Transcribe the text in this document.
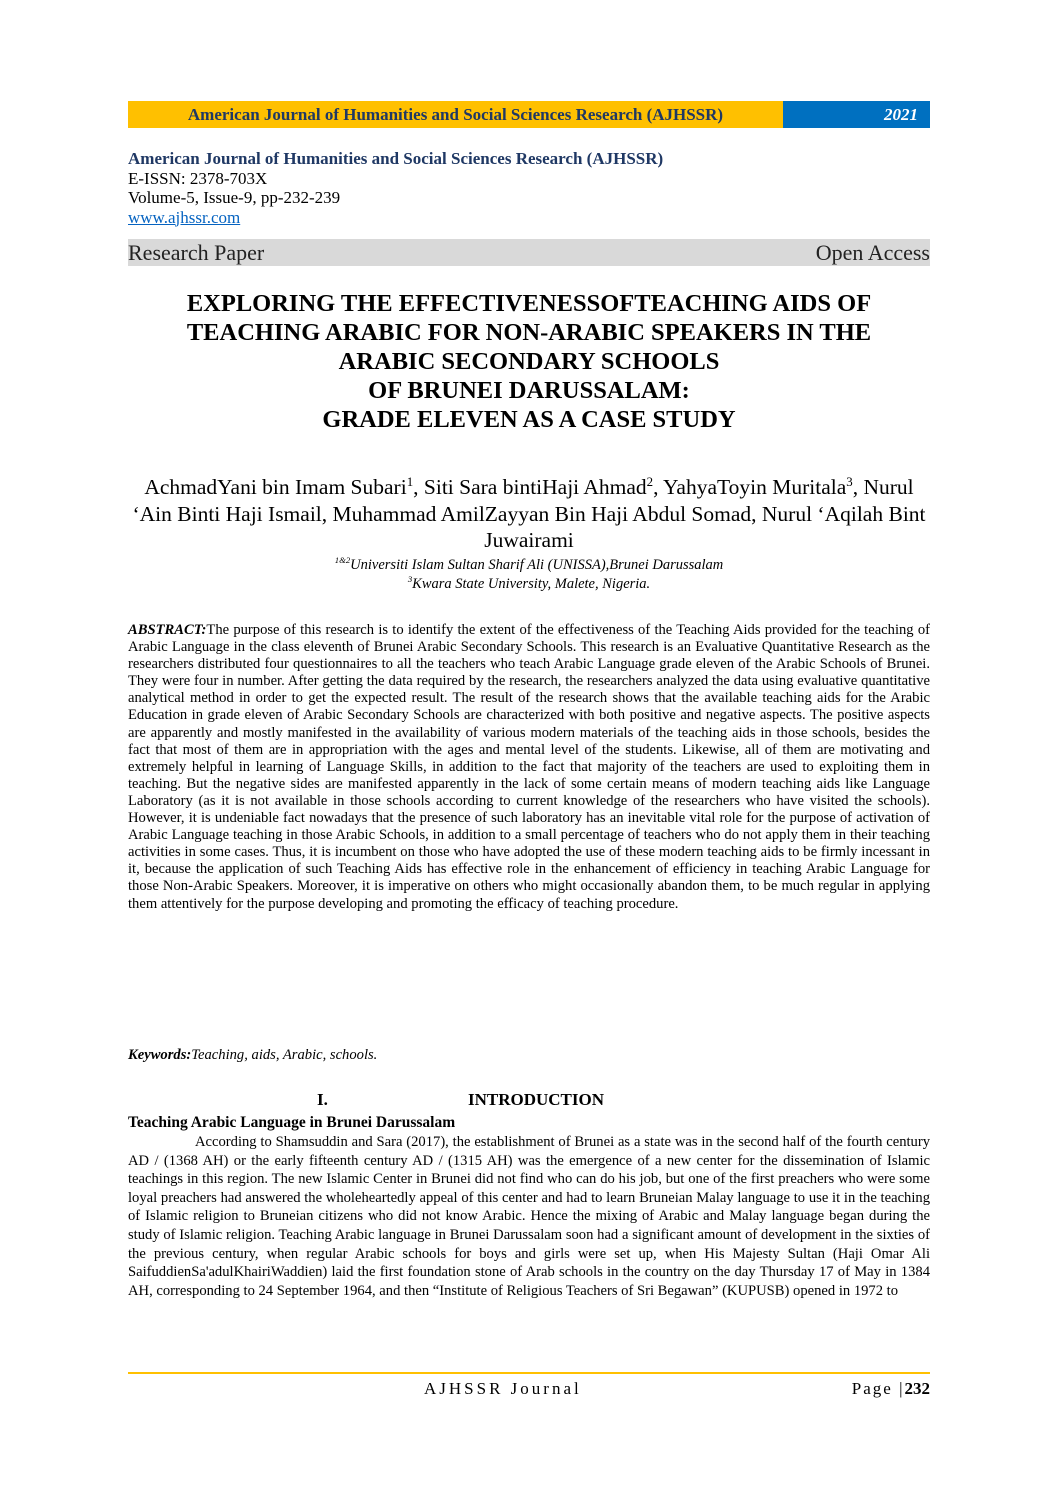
American Journal of Humanities and Social Sciences Research (AJHSSR)	2021
American Journal of Humanities and Social Sciences Research (AJHSSR)
E-ISSN: 2378-703X
Volume-5, Issue-9, pp-232-239
www.ajhssr.com
Research Paper	Open Access
EXPLORING THE EFFECTIVENESSOFTEACHING AIDS OF
TEACHING ARABIC FOR NON-ARABIC SPEAKERS IN THE
ARABIC SECONDARY SCHOOLS
OF BRUNEI DARUSSALAM:
GRADE ELEVEN AS A CASE STUDY
AchmadYani bin Imam Subari$^1$, Siti Sara bintiHaji Ahmad$^2$, YahyaToyin Muritala$^3$, Nurul ‘Ain Binti Haji Ismail, Muhammad AmilZayyan Bin Haji Abdul Somad, Nurul ‘Aqilah Bint Juwairami
$^{1\&2}$Universiti Islam Sultan Sharif Ali (UNISSA),Brunei Darussalam
$^3$Kwara State University, Malete, Nigeria.
ABSTRACT:The purpose of this research is to identify the extent of the effectiveness of the Teaching Aids provided for the teaching of Arabic Language in the class eleventh of Brunei Arabic Secondary Schools. This research is an Evaluative Quantitative Research as the researchers distributed four questionnaires to all the teachers who teach Arabic Language grade eleven of the Arabic Schools of Brunei. They were four in number. After getting the data required by the research, the researchers analyzed the data using evaluative quantitative analytical method in order to get the expected result. The result of the research shows that the available teaching aids for the Arabic Education in grade eleven of Arabic Secondary Schools are characterized with both positive and negative aspects. The positive aspects are apparently and mostly manifested in the availability of various modern materials of the teaching aids in those schools, besides the fact that most of them are in appropriation with the ages and mental level of the students. Likewise, all of them are motivating and extremely helpful in learning of Language Skills, in addition to the fact that majority of the teachers are used to exploiting them in teaching. But the negative sides are manifested apparently in the lack of some certain means of modern teaching aids like Language Laboratory (as it is not available in those schools according to current knowledge of the researchers who have visited the schools). However, it is undeniable fact nowadays that the presence of such laboratory has an inevitable vital role for the purpose of activation of Arabic Language teaching in those Arabic Schools, in addition to a small percentage of teachers who do not apply them in their teaching activities in some cases. Thus, it is incumbent on those who have adopted the use of these modern teaching aids to be firmly incessant in it, because the application of such Teaching Aids has effective role in the enhancement of efficiency in teaching Arabic Language for those Non-Arabic Speakers. Moreover, it is imperative on others who might occasionally abandon them, to be much regular in applying them attentively for the purpose developing and promoting the efficacy of teaching procedure.
Keywords:Teaching, aids, Arabic, schools.
I.	INTRODUCTION
Teaching Arabic Language in Brunei Darussalam
According to Shamsuddin and Sara (2017), the establishment of Brunei as a state was in the second half of the fourth century AD / (1368 AH) or the early fifteenth century AD / (1315 AH) was the emergence of a new center for the dissemination of Islamic teachings in this region. The new Islamic Center in Brunei did not find who can do his job, but one of the first preachers who were some loyal preachers had answered the wholeheartedly appeal of this center and had to learn Bruneian Malay language to use it in the teaching of Islamic religion to Bruneian citizens who did not know Arabic. Hence the mixing of Arabic and Malay language began during the study of Islamic religion. Teaching Arabic language in Brunei Darussalam soon had a significant amount of development in the sixties of the previous century, when regular Arabic schools for boys and girls were set up, when His Majesty Sultan (Haji Omar Ali SaifuddienSa'adulKhairiWaddien) laid the first foundation stone of Arab schools in the country on the day Thursday 17 of May in 1384 AH, corresponding to 24 September 1964, and then “Institute of Religious Teachers of Sri Begawan” (KUPUSB) opened in 1972 to
AJHSSR Journal	Page |232
